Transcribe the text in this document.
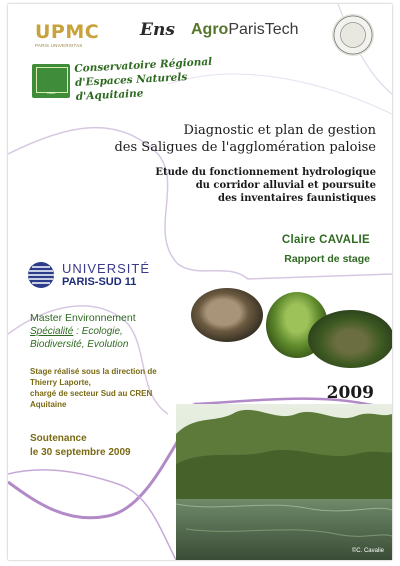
UPMC
PARIS UNIVERSITAS
Ens AgroParisTech
CREN
Conservatoire Régional
d'Espaces Naturels d'Aquitaine
Diagnostic et plan de gestion
des Saligues de l'agglomération paloise
Etude du fonctionnement hydrologique
du corridor alluvial et poursuite
des inventaires faunistiques
Claire CAVALIE
Rapport de stage
UNIVERSITÉ
PARIS-SUD 11
Master Environnement
Spécialité : Ecologie,
Biodiversité, Evolution
Stage réalisé sous la direction de
Thierry Laporte,
chargé de secteur Sud au CREN
Aquitaine
2009
Soutenance
le 30 septembre 2009
©C. Cavalie
